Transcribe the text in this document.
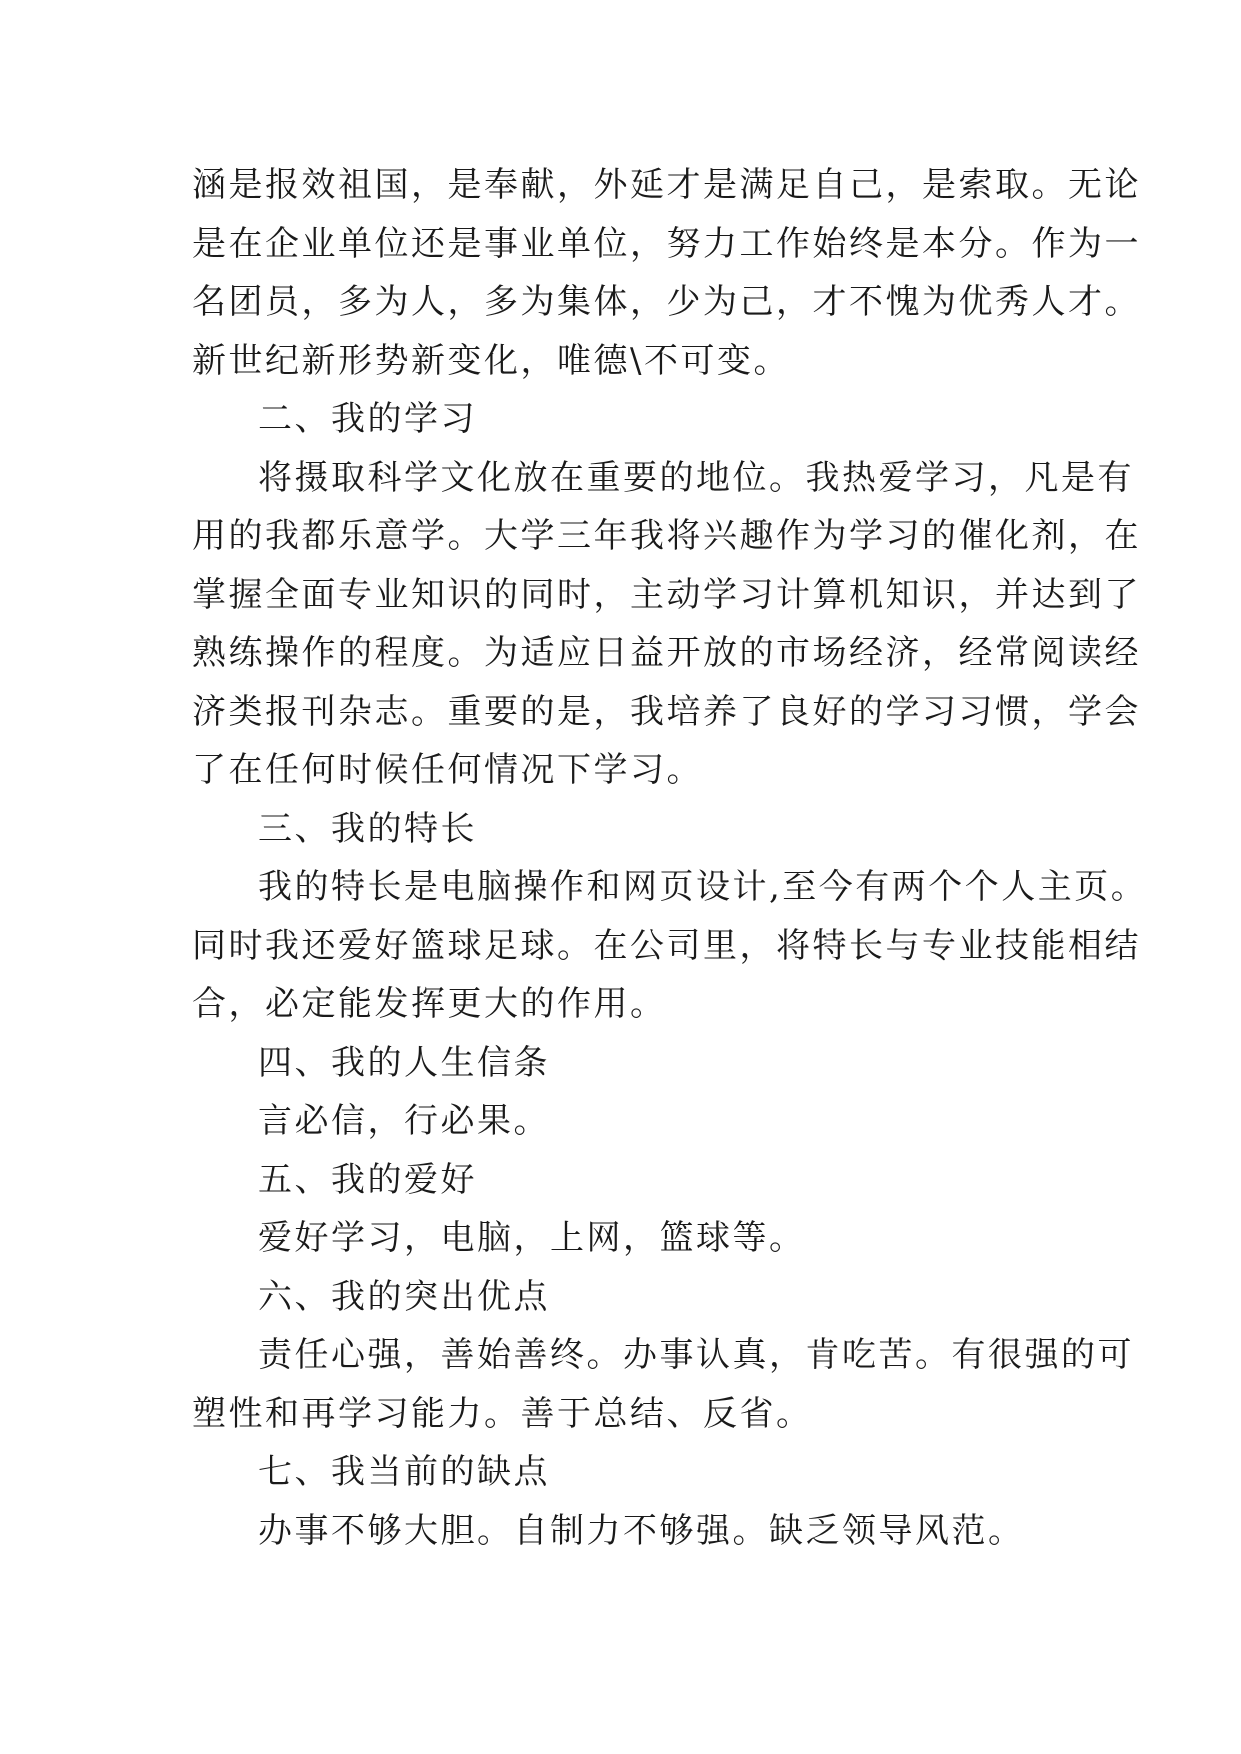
涵是报效祖国，是奉献，外延才是满足自己，是索取。无论
是在企业单位还是事业单位，努力工作始终是本分。作为一
名团员，多为人，多为集体，少为己，才不愧为优秀人才。
新世纪新形势新变化，唯德\不可变。
二、我的学习
将摄取科学文化放在重要的地位。我热爱学习，凡是有
用的我都乐意学。大学三年我将兴趣作为学习的催化剂，在
掌握全面专业知识的同时，主动学习计算机知识，并达到了
熟练操作的程度。为适应日益开放的市场经济，经常阅读经
济类报刊杂志。重要的是，我培养了良好的学习习惯，学会
了在任何时候任何情况下学习。
三、我的特长
我的特长是电脑操作和网页设计,至今有两个个人主页。
同时我还爱好篮球足球。在公司里，将特长与专业技能相结
合，必定能发挥更大的作用。
四、我的人生信条
言必信，行必果。
五、我的爱好
爱好学习，电脑，上网，篮球等。
六、我的突出优点
责任心强，善始善终。办事认真，肯吃苦。有很强的可
塑性和再学习能力。善于总结、反省。
七、我当前的缺点
办事不够大胆。自制力不够强。缺乏领导风范。
